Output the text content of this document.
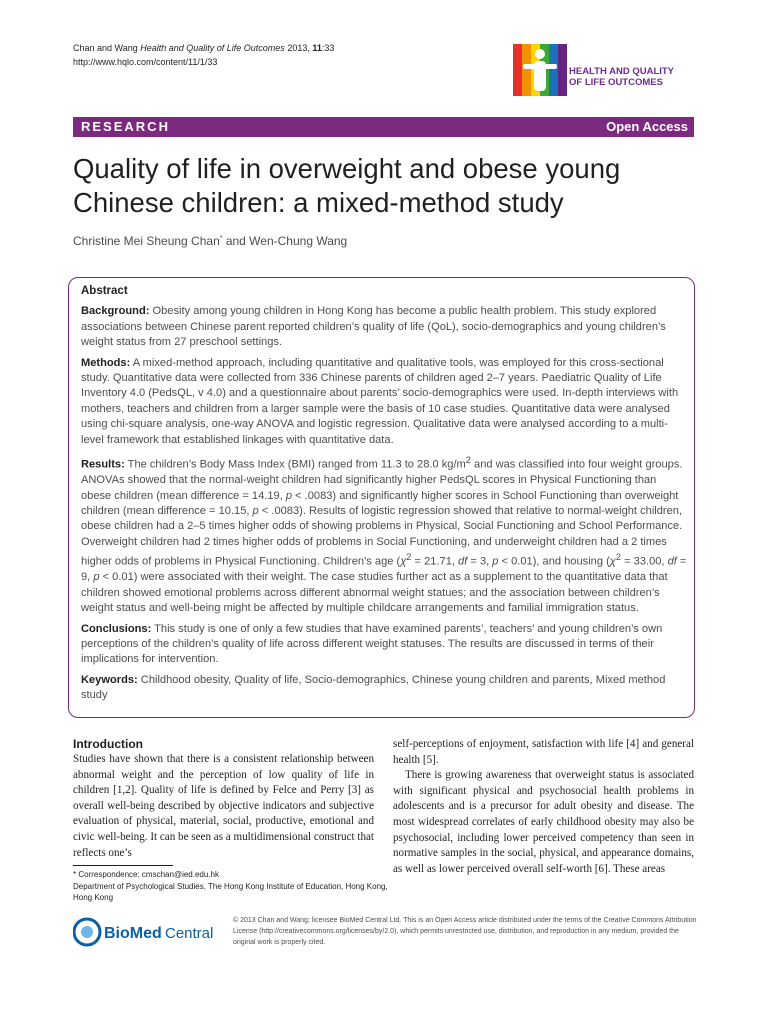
Chan and Wang Health and Quality of Life Outcomes 2013, 11:33
http://www.hqlo.com/content/11/1/33
HEALTH AND QUALITY
OF LIFE OUTCOMES
RESEARCH	Open Access
Quality of life in overweight and obese young
Chinese children: a mixed-method study
Christine Mei Sheung Chan* and Wen-Chung Wang
Abstract

Background: Obesity among young children in Hong Kong has become a public health problem. This study explored associations between Chinese parent reported children’s quality of life (QoL), socio-demographics and young children’s weight status from 27 preschool settings.

Methods: A mixed-method approach, including quantitative and qualitative tools, was employed for this cross-sectional study. Quantitative data were collected from 336 Chinese parents of children aged 2–7 years. Paediatric Quality of Life Inventory 4.0 (PedsQL, v 4.0) and a questionnaire about parents’ socio-demographics were used. In-depth interviews with mothers, teachers and children from a larger sample were the basis of 10 case studies. Quantitative data were analysed using chi-square analysis, one-way ANOVA and logistic regression. Qualitative data were analysed according to a multi-level framework that established linkages with quantitative data.

Results: The children’s Body Mass Index (BMI) ranged from 11.3 to 28.0 $kg/m^2$ and was classified into four weight groups. ANOVAs showed that the normal-weight children had significantly higher PedsQL scores in Physical Functioning than obese children (mean difference = 14.19, p < .0083) and significantly higher scores in School Functioning than overweight children (mean difference = 10.15, p < .0083). Results of logistic regression showed that relative to normal-weight children, obese children had a 2–5 times higher odds of showing problems in Physical, Social Functioning and School Performance. Overweight children had 2 times higher odds of problems in Social Functioning, and underweight children had a 2 times higher odds of problems in Physical Functioning. Children’s age ($\chi^2 = 21.71$, df = 3, p < 0.01), and housing ($\chi^2 = 33.00$, df = 9, p < 0.01) were associated with their weight. The case studies further act as a supplement to the quantitative data that children showed emotional problems across different abnormal weight statues; and the association between children’s weight status and well-being might be affected by multiple childcare arrangements and familial immigration status.

Conclusions: This study is one of only a few studies that have examined parents’, teachers’ and young children’s own perceptions of the children’s quality of life across different weight statuses. The results are discussed in terms of their implications for intervention.

Keywords: Childhood obesity, Quality of life, Socio-demographics, Chinese young children and parents, Mixed method study

Introduction

Studies have shown that there is a consistent relationship between abnormal weight and the perception of low quality of life in children [1,2]. Quality of life is defined by Felce and Perry [3] as overall well-being described by objective indicators and subjective evaluation of physical, material, social, productive, emotional and civic well-being. It can be seen as a multidimensional construct that reflects one’s

self-perceptions of enjoyment, satisfaction with life [4] and general health [5].

There is growing awareness that overweight status is associated with significant physical and psychosocial health problems in adolescents and is a precursor for adult obesity and disease. The most widespread correlates of early childhood obesity may also be psychosocial, including lower perceived competency than seen in normative samples in the social, physical, and appearance domains, as well as lower perceived overall self-worth [6]. These areas

* Correspondence: cmschan@ied.edu.hk
Department of Psychological Studies, The Hong Kong Institute of Education, Hong Kong, Hong Kong
BioMed Central
© 2013 Chan and Wang; licensee BioMed Central Ltd. This is an Open Access article distributed under the terms of the Creative Commons Attribution License (http://creativecommons.org/licenses/by/2.0), which permits unrestricted use, distribution, and reproduction in any medium, provided the original work is properly cited.
